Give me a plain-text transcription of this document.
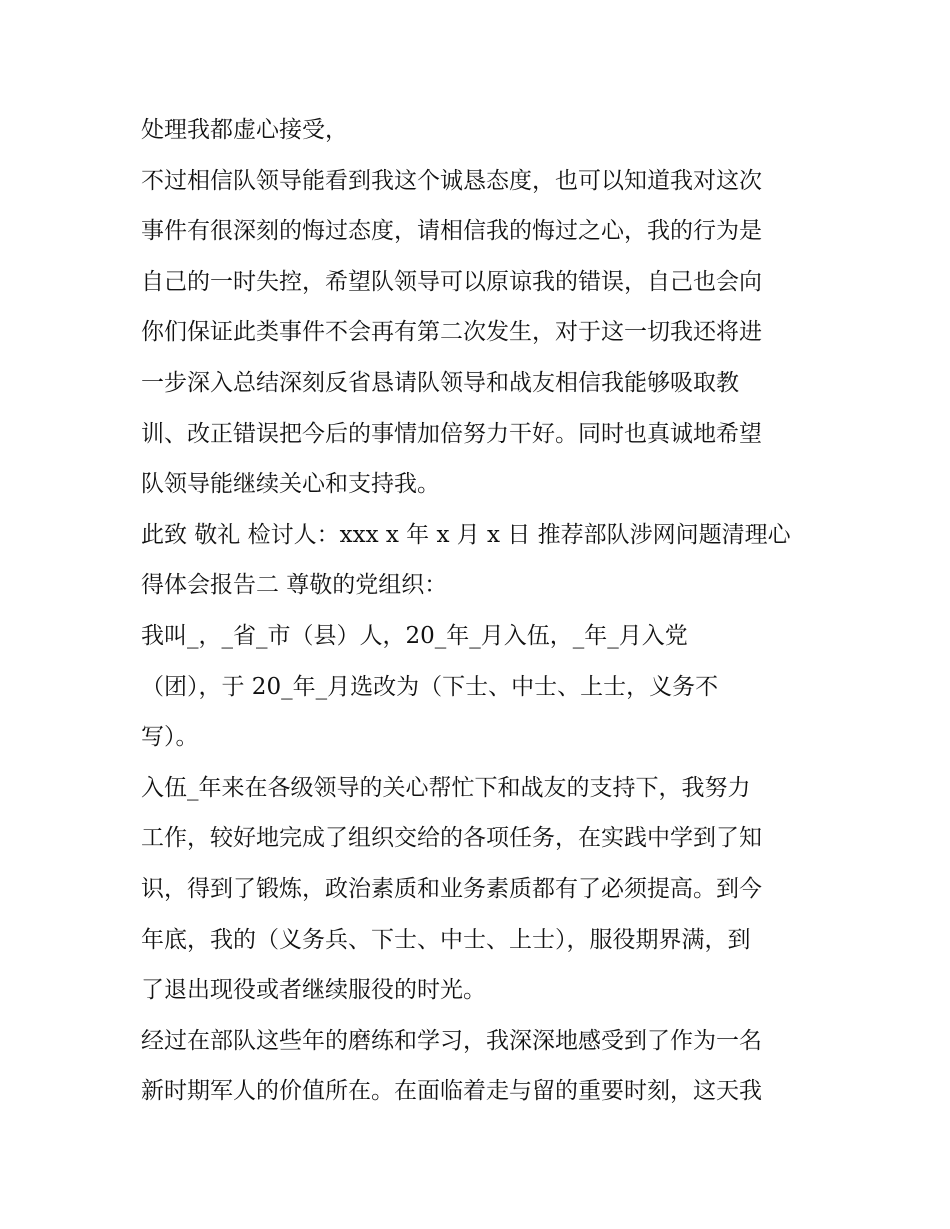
处理我都虚心接受，
不过相信队领导能看到我这个诚恳态度，也可以知道我对这次
事件有很深刻的悔过态度，请相信我的悔过之心，我的行为是
自己的一时失控，希望队领导可以原谅我的错误，自己也会向
你们保证此类事件不会再有第二次发生，对于这一切我还将进
一步深入总结深刻反省恳请队领导和战友相信我能够吸取教
训、改正错误把今后的事情加倍努力干好。同时也真诚地希望
队领导能继续关心和支持我。
此致 敬礼 检讨人：xxx x 年 x 月 x 日 推荐部队涉网问题清理心
得体会报告二 尊敬的党组织：
我叫_，_省_市（县）人，20_年_月入伍，_年_月入党
（团），于 20_年_月选改为（下士、中士、上士，义务不
写）。
入伍_年来在各级领导的关心帮忙下和战友的支持下，我努力
工作，较好地完成了组织交给的各项任务，在实践中学到了知
识，得到了锻炼，政治素质和业务素质都有了必须提高。到今
年底，我的（义务兵、下士、中士、上士），服役期界满，到
了退出现役或者继续服役的时光。
经过在部队这些年的磨练和学习，我深深地感受到了作为一名
新时期军人的价值所在。在面临着走与留的重要时刻，这天我
